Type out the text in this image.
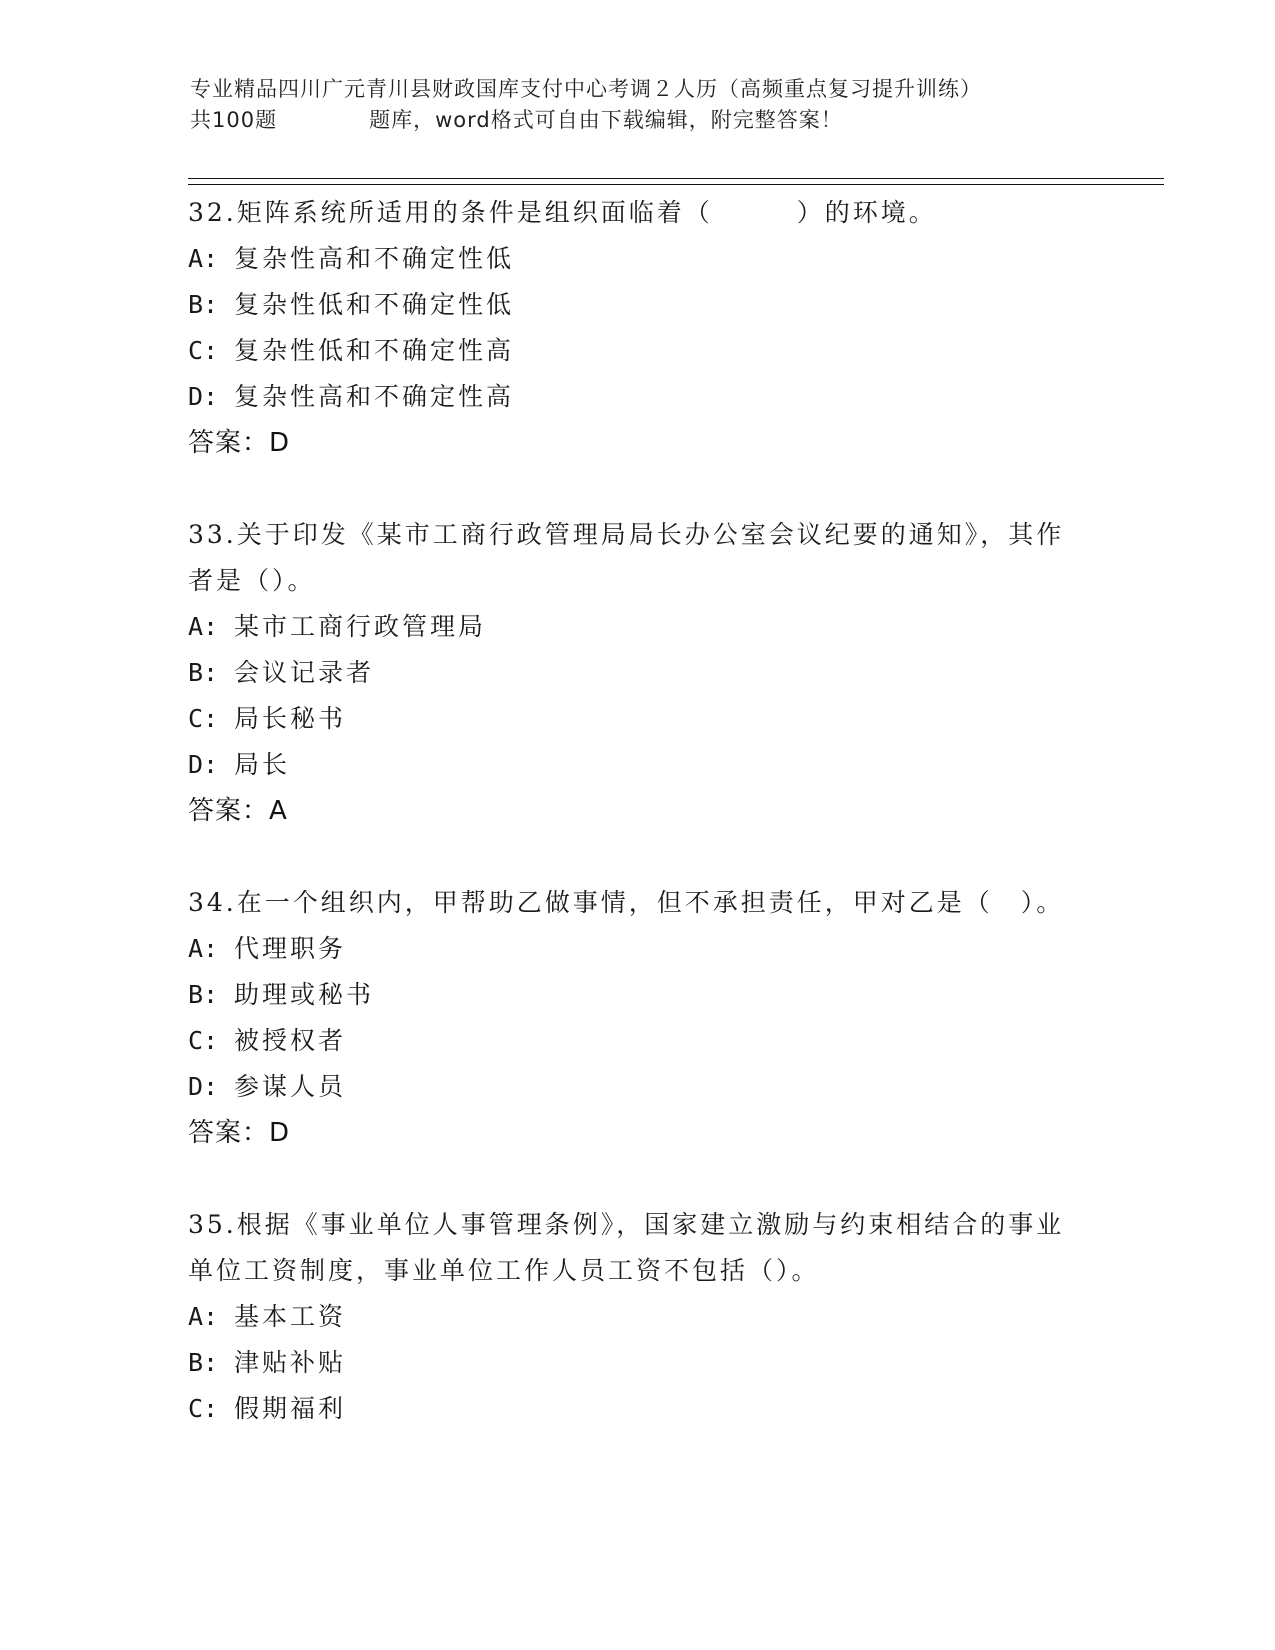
专业精品四川广元青川县财政国库支付中心考调２人历（高频重点复习提升训练）
共100题	题库，word格式可自由下载编辑，附完整答案！

32.矩阵系统所适用的条件是组织面临着（　　　）的环境。

A: 复杂性高和不确定性低

B: 复杂性低和不确定性低

C: 复杂性低和不确定性高

D: 复杂性高和不确定性高

答案：D

33.关于印发《某市工商行政管理局局长办公室会议纪要的通知》，其作者是（）。

A: 某市工商行政管理局

B: 会议记录者

C: 局长秘书

D: 局长

答案：A

34.在一个组织内，甲帮助乙做事情，但不承担责任，甲对乙是（　）。

A: 代理职务

B: 助理或秘书

C: 被授权者

D: 参谋人员

答案：D

35.根据《事业单位人事管理条例》，国家建立激励与约束相结合的事业单位工资制度，事业单位工作人员工资不包括（）。

A: 基本工资

B: 津贴补贴

C: 假期福利
